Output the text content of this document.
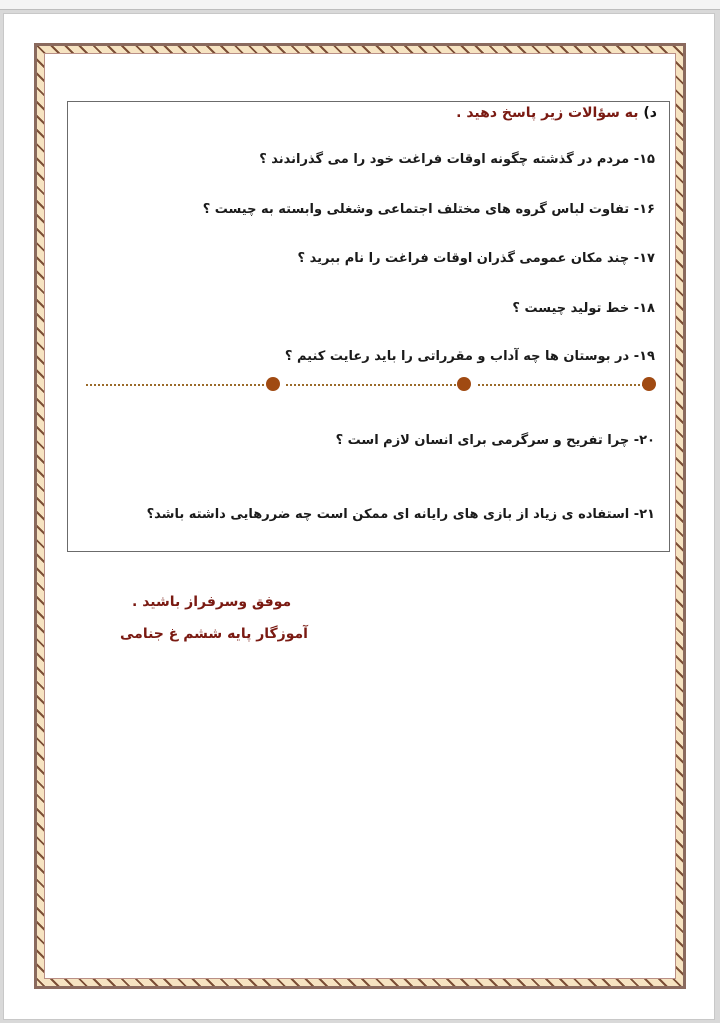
د) به سؤالات زیر پاسخ دهید .
۱۵- مردم در گذشته چگونه اوقات فراغت خود را می گذراندند ؟
۱۶- تفاوت لباس گروه های مختلف اجتماعی وشغلی وابسته به چیست ؟
۱۷- چند مکان عمومی گذران اوقات فراغت را نام ببرید ؟
۱۸- خط تولید چیست ؟
۱۹- در بوستان ها چه آداب و مقرراتی را باید رعایت کنیم ؟
۲۰- چرا تفریح و سرگرمی برای انسان لازم است ؟
۲۱- استفاده ی زیاد از بازی های رایانه ای ممکن است چه ضررهایی داشته باشد؟
موفق وسرفراز باشید .
آموزگار پایه ششم غ جنامی
